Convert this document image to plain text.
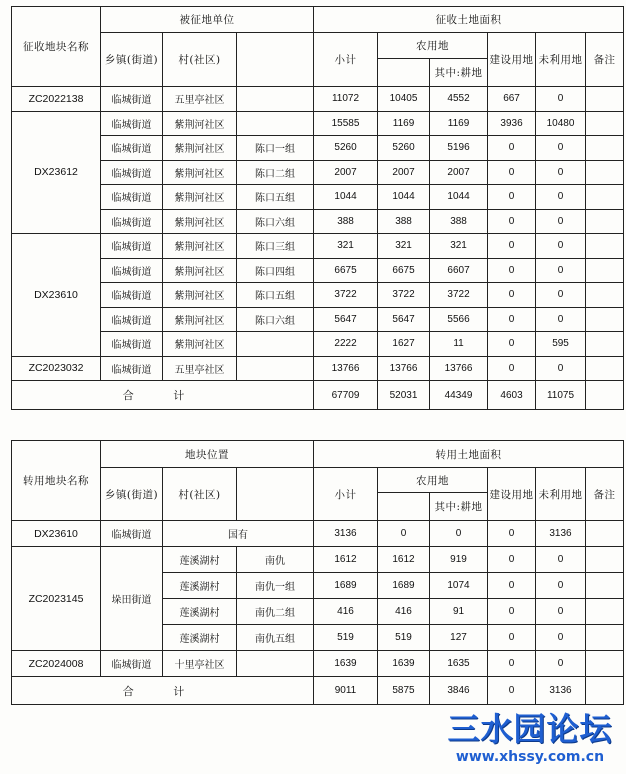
征收地块名称	被征地单位			征收土地面积					
	乡镇(街道)	村(社区)		小计	农用地		建设用地	未利用地	备注
						其中:耕地			
ZC2022138	临城街道	五里亭社区		11072	10405	4552	667	0	
DX23612	临城街道	紫荆河社区		15585	1169	1169	3936	10480	
	临城街道	紫荆河社区	陈口一组	5260	5260	5196	0	0	
	临城街道	紫荆河社区	陈口二组	2007	2007	2007	0	0	
	临城街道	紫荆河社区	陈口五组	1044	1044	1044	0	0	
	临城街道	紫荆河社区	陈口六组	388	388	388	0	0	
DX23610	临城街道	紫荆河社区	陈口三组	321	321	321	0	0	
	临城街道	紫荆河社区	陈口四组	6675	6675	6607	0	0	
	临城街道	紫荆河社区	陈口五组	3722	3722	3722	0	0	
	临城街道	紫荆河社区	陈口六组	5647	5647	5566	0	0	
	临城街道	紫荆河社区		2222	1627	11	0	595	
ZC2023032	临城街道	五里亭社区		13766	13766	13766	0	0	
合 计				67709	52031	44349	4603	11075	
转用地块名称	地块位置			转用土地面积					
	乡镇(街道)	村(社区)		小计	农用地		建设用地	未利用地	备注
						其中:耕地			
DX23610	临城街道	国有		3136	0	0	0	3136	
ZC2023145	垛田街道	莲溪湖村	南仇	1612	1612	919	0	0	
		莲溪湖村	南仇一组	1689	1689	1074	0	0	
		莲溪湖村	南仇二组	416	416	91	0	0	
		莲溪湖村	南仇五组	519	519	127	0	0	
ZC2024008	临城街道	十里亭社区		1639	1639	1635	0	0	
合 计				9011	5875	3846	0	3136	
三水园论坛
www.xhssy.com.cn
